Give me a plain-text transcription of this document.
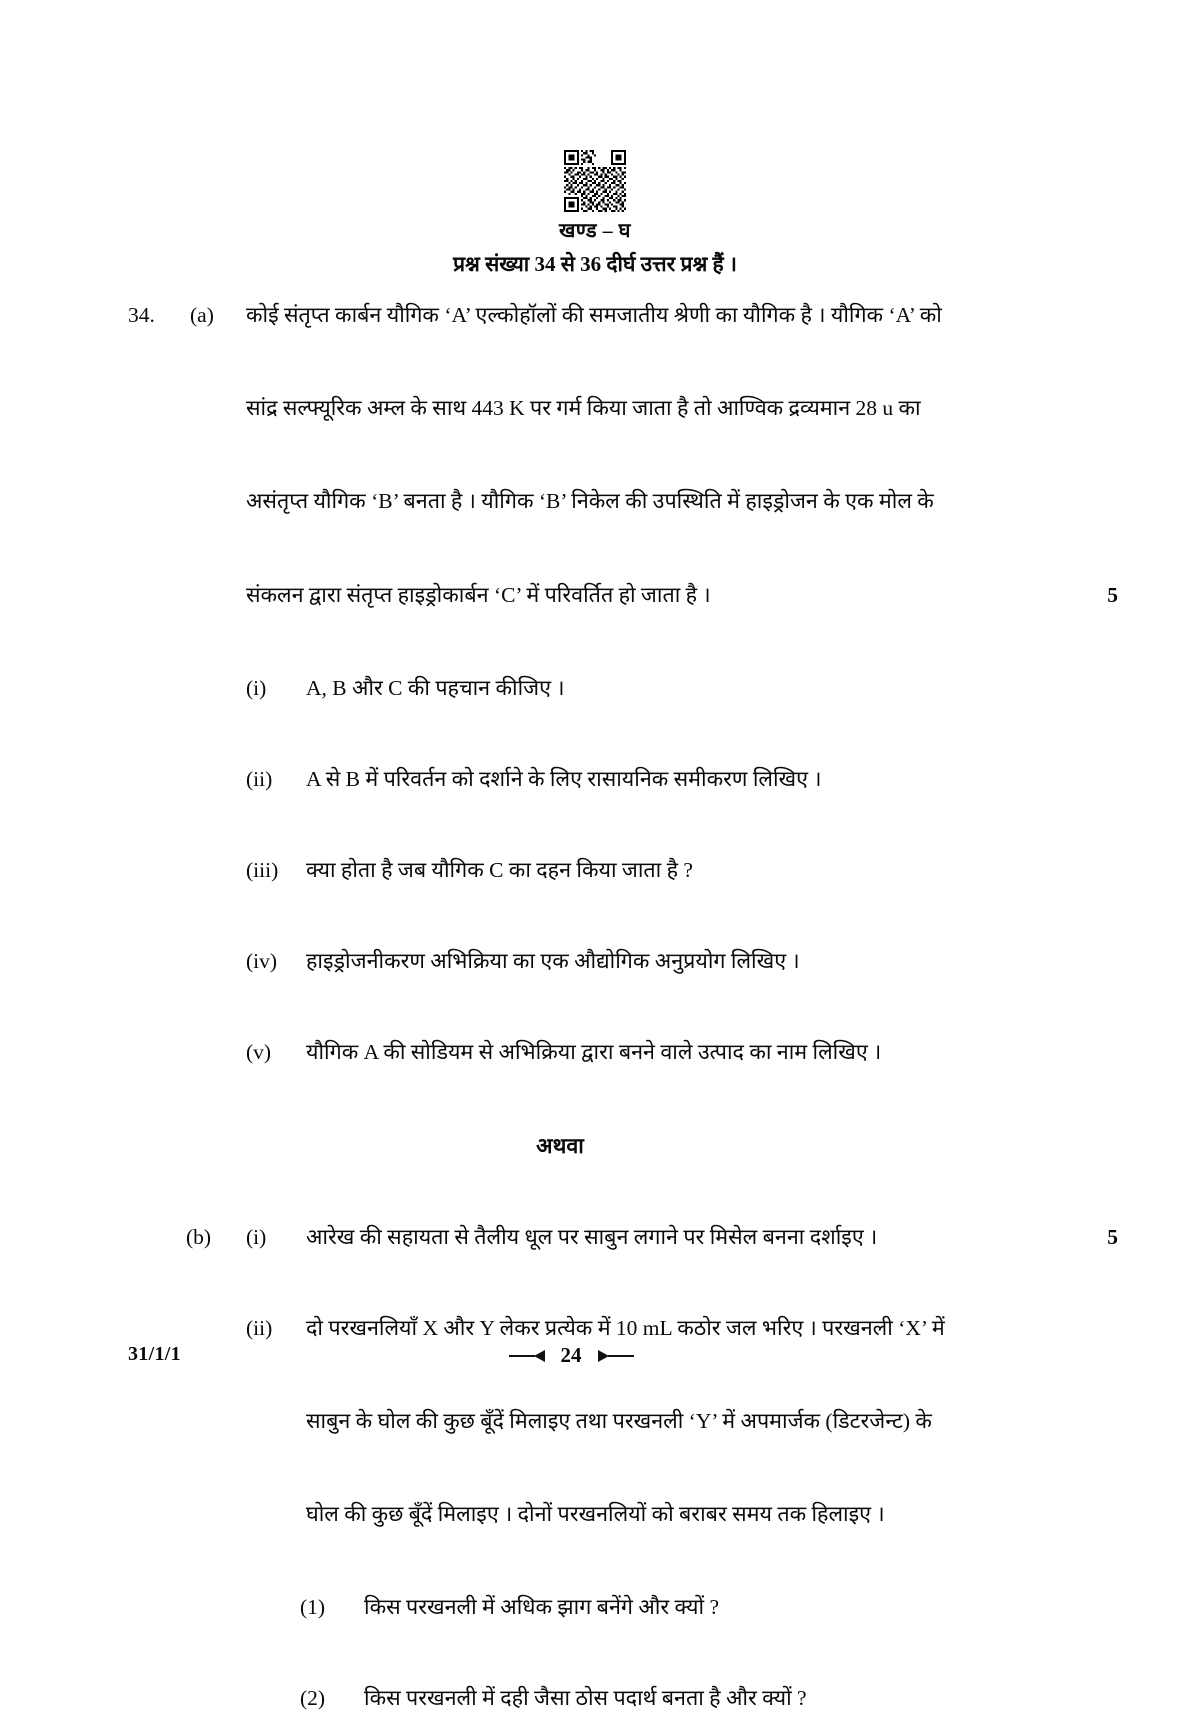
खण्ड – घ
प्रश्न संख्या 34 से 36 दीर्घ उत्तर प्रश्न हैं ।
34.	(a)	कोई संतृप्त कार्बन यौगिक ‘A’ एल्कोहॉलों की समजातीय श्रेणी का यौगिक है । यौगिक ‘A’ को
सांद्र सल्फ्यूरिक अम्ल के साथ 443 K पर गर्म किया जाता है तो आण्विक द्रव्यमान 28 u का
असंतृप्त यौगिक ‘B’ बनता है । यौगिक ‘B’ निकेल की उपस्थिति में हाइड्रोजन के एक मोल के
संकलन द्वारा संतृप्त हाइड्रोकार्बन ‘C’ में परिवर्तित हो जाता है ।	5
(i)	A, B और C की पहचान कीजिए ।
(ii)	A से B में परिवर्तन को दर्शाने के लिए रासायनिक समीकरण लिखिए ।
(iii)	क्या होता है जब यौगिक C का दहन किया जाता है ?
(iv)	हाइड्रोजनीकरण अभिक्रिया का एक औद्योगिक अनुप्रयोग लिखिए ।
(v)	यौगिक A की सोडियम से अभिक्रिया द्वारा बनने वाले उत्पाद का नाम लिखिए ।
अथवा
(b)	(i)	आरेख की सहायता से तैलीय धूल पर साबुन लगाने पर मिसेल बनना दर्शाइए ।	5
(ii)	दो परखनलियाँ X और Y लेकर प्रत्येक में 10 mL कठोर जल भरिए । परखनली ‘X’ में
साबुन के घोल की कुछ बूँदें मिलाइए तथा परखनली ‘Y’ में अपमार्जक (डिटरजेन्ट) के
घोल की कुछ बूँदें मिलाइए । दोनों परखनलियों को बराबर समय तक हिलाइए ।
(1)	किस परखनली में अधिक झाग बनेंगे और क्यों ?
(2)	किस परखनली में दही जैसा ठोस पदार्थ बनता है और क्यों ?
31/1/1	24
